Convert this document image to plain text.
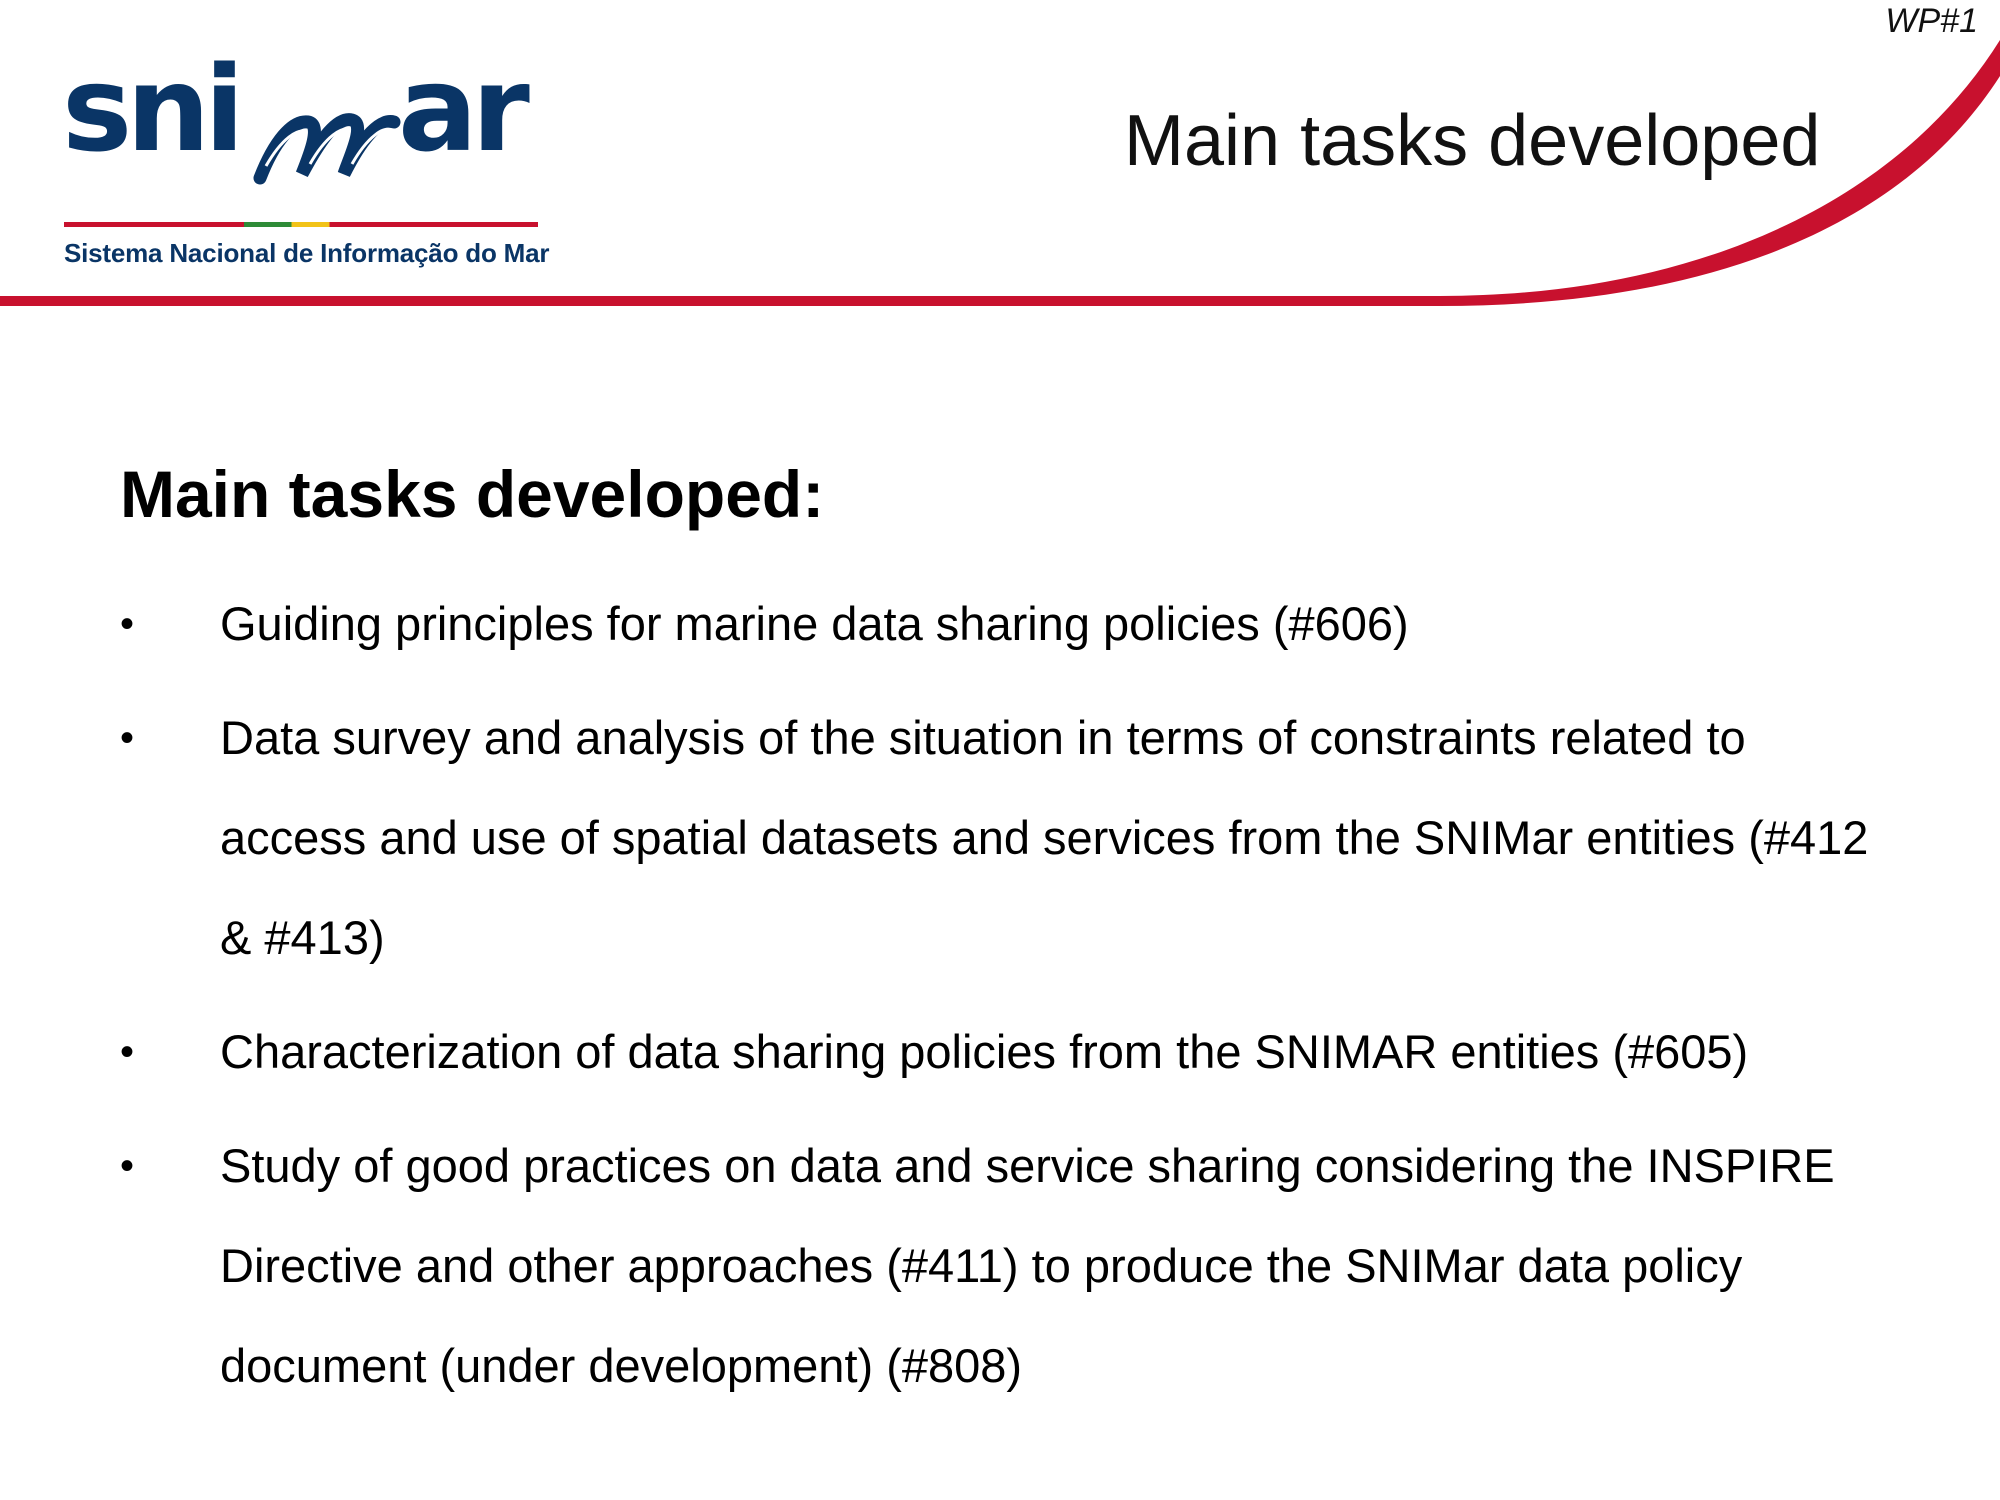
WP#1
sni ar
Sistema Nacional de Informação do Mar
Main tasks developed
Main tasks developed:
• Guiding principles for marine data sharing policies (#606)
• Data survey and analysis of the situation in terms of constraints related to access and use of spatial datasets and services from the SNIMar entities (#412 & #413)
• Characterization of data sharing policies from the SNIMAR entities (#605)
• Study of good practices on data and service sharing considering the INSPIRE Directive and other approaches (#411) to produce the SNIMar data policy document (under development) (#808)
